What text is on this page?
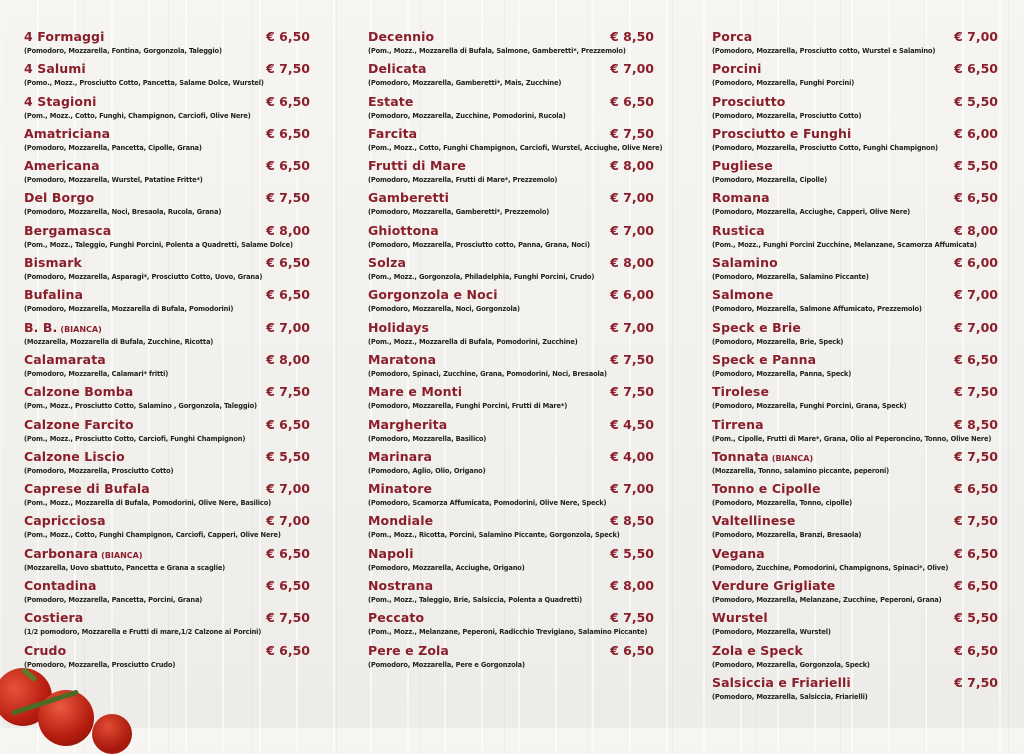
4 Formaggi	€ 6,50
(Pomodoro, Mozzarella, Fontina, Gorgonzola, Taleggio)
4 Salumi	€ 7,50
(Pomo., Mozz., Prosciutto Cotto, Pancetta, Salame Dolce, Wurstel)
4 Stagioni	€ 6,50
(Pom., Mozz., Cotto, Funghi, Champignon, Carciofi, Olive Nere)
Amatriciana	€ 6,50
(Pomodoro, Mozzarella, Pancetta, Cipolle, Grana)
Americana	€ 6,50
(Pomodoro, Mozzarella, Wurstel, Patatine Fritte*)
Del Borgo	€ 7,50
(Pomodoro, Mozzarella, Noci, Bresaola, Rucola, Grana)
Bergamasca	€ 8,00
(Pom., Mozz., Taleggio, Funghi Porcini, Polenta a Quadretti, Salame Dolce)
Bismark	€ 6,50
(Pomodoro, Mozzarella, Asparagi*, Prosciutto Cotto, Uovo, Grana)
Bufalina	€ 6,50
(Pomodoro, Mozzarella, Mozzarella di Bufala, Pomodorini)
B. B. (BIANCA)	€ 7,00
(Mozzarella, Mozzarella di Bufala, Zucchine, Ricotta)
Calamarata	€ 8,00
(Pomodoro, Mozzarella, Calamari* fritti)
Calzone Bomba	€ 7,50
(Pom., Mozz., Prosciutto Cotto, Salamino , Gorgonzola, Taleggio)
Calzone Farcito	€ 6,50
(Pom., Mozz., Prosciutto Cotto, Carciofi, Funghi Champignon)
Calzone Liscio	€ 5,50
(Pomodoro, Mozzarella, Prosciutto Cotto)
Caprese di Bufala	€ 7,00
(Pom., Mozz., Mozzarella di Bufala, Pomodorini, Olive Nere, Basilico)
Capricciosa	€ 7,00
(Pom., Mozz., Cotto, Funghi Champignon, Carciofi, Capperi, Olive Nere)
Carbonara (BIANCA)	€ 6,50
(Mozzarella, Uovo sbattuto, Pancetta e Grana a scaglie)
Contadina	€ 6,50
(Pomodoro, Mozzarella, Pancetta, Porcini, Grana)
Costiera	€ 7,50
(1/2 pomodoro, Mozzarella e Frutti di mare,1/2 Calzone ai Porcini)
Crudo	€ 6,50
(Pomodoro, Mozzarella, Prosciutto Crudo)
Decennio	€ 8,50
(Pom., Mozz., Mozzarella di Bufala, Salmone, Gamberetti*, Prezzemolo)
Delicata	€ 7,00
(Pomodoro, Mozzarella, Gamberetti*, Mais, Zucchine)
Estate	€ 6,50
(Pomodoro, Mozzarella, Zucchine, Pomodorini, Rucola)
Farcita	€ 7,50
(Pom., Mozz., Cotto, Funghi Champignon, Carciofi, Wurstel, Acciughe, Olive Nere)
Frutti di Mare	€ 8,00
(Pomodoro, Mozzarella, Frutti di Mare*, Prezzemolo)
Gamberetti	€ 7,00
(Pomodoro, Mozzarella, Gamberetti*, Prezzemolo)
Ghiottona	€ 7,00
(Pomodoro, Mozzarella, Prosciutto cotto, Panna, Grana, Noci)
Solza	€ 8,00
(Pom., Mozz., Gorgonzola, Philadelphia, Funghi Porcini, Crudo)
Gorgonzola e Noci	€ 6,00
(Pomodoro, Mozzarella, Noci, Gorgonzola)
Holidays	€ 7,00
(Pom., Mozz., Mozzarella di Bufala, Pomodorini, Zucchine)
Maratona	€ 7,50
(Pomodoro, Spinaci, Zucchine, Grana, Pomodorini, Noci, Bresaola)
Mare e Monti	€ 7,50
(Pomodoro, Mozzarella, Funghi Porcini, Frutti di Mare*)
Margherita	€ 4,50
(Pomodoro, Mozzarella, Basilico)
Marinara	€ 4,00
(Pomodoro, Aglio, Olio, Origano)
Minatore	€ 7,00
(Pomodoro, Scamorza Affumicata, Pomodorini, Olive Nere, Speck)
Mondiale	€ 8,50
(Pom., Mozz., Ricotta, Porcini, Salamino Piccante, Gorgonzola, Speck)
Napoli	€ 5,50
(Pomodoro, Mozzarella, Acciughe, Origano)
Nostrana	€ 8,00
(Pom., Mozz., Taleggio, Brie, Salsiccia, Polenta a Quadretti)
Peccato	€ 7,50
(Pom., Mozz., Melanzane, Peperoni, Radicchio Trevigiano, Salamino Piccante)
Pere e Zola	€ 6,50
(Pomodoro, Mozzarella, Pere e Gorgonzola)
Porca	€ 7,00
(Pomodoro, Mozzarella, Prosciutto cotto, Wurstel e Salamino)
Porcini	€ 6,50
(Pomodoro, Mozzarella, Funghi Porcini)
Prosciutto	€ 5,50
(Pomodoro, Mozzarella, Prosciutto Cotto)
Prosciutto e Funghi	€ 6,00
(Pomodoro, Mozzarella, Prosciutto Cotto, Funghi Champignon)
Pugliese	€ 5,50
(Pomodoro, Mozzarella, Cipolle)
Romana	€ 6,50
(Pomodoro, Mozzarella, Acciughe, Capperi, Olive Nere)
Rustica	€ 8,00
(Pom., Mozz., Funghi Porcini Zucchine, Melanzane, Scamorza Affumicata)
Salamino	€ 6,00
(Pomodoro, Mozzarella, Salamino Piccante)
Salmone	€ 7,00
(Pomodoro, Mozzarella, Salmone Affumicato, Prezzemolo)
Speck e Brie	€ 7,00
(Pomodoro, Mozzarella, Brie, Speck)
Speck e Panna	€ 6,50
(Pomodoro, Mozzarella, Panna, Speck)
Tirolese	€ 7,50
(Pomodoro, Mozzarella, Funghi Porcini, Grana, Speck)
Tirrena	€ 8,50
(Pom., Cipolle, Frutti di Mare*, Grana, Olio al Peperoncino, Tonno, Olive Nere)
Tonnata (BIANCA)	€ 7,50
(Mozzarella, Tonno, salamino piccante, peperoni)
Tonno e Cipolle	€ 6,50
(Pomodoro, Mozzarella, Tonno, cipolle)
Valtellinese	€ 7,50
(Pomodoro, Mozzarella, Branzi, Bresaola)
Vegana	€ 6,50
(Pomodoro, Zucchine, Pomodorini, Champignons, Spinaci*, Olive)
Verdure Grigliate	€ 6,50
(Pomodoro, Mozzarella, Melanzane, Zucchine, Peperoni, Grana)
Wurstel	€ 5,50
(Pomodoro, Mozzarella, Wurstel)
Zola e Speck	€ 6,50
(Pomodoro, Mozzarella, Gorgonzola, Speck)
Salsiccia e Friarielli	€ 7,50
(Pomodoro, Mozzarella, Salsiccia, Friarielli)
